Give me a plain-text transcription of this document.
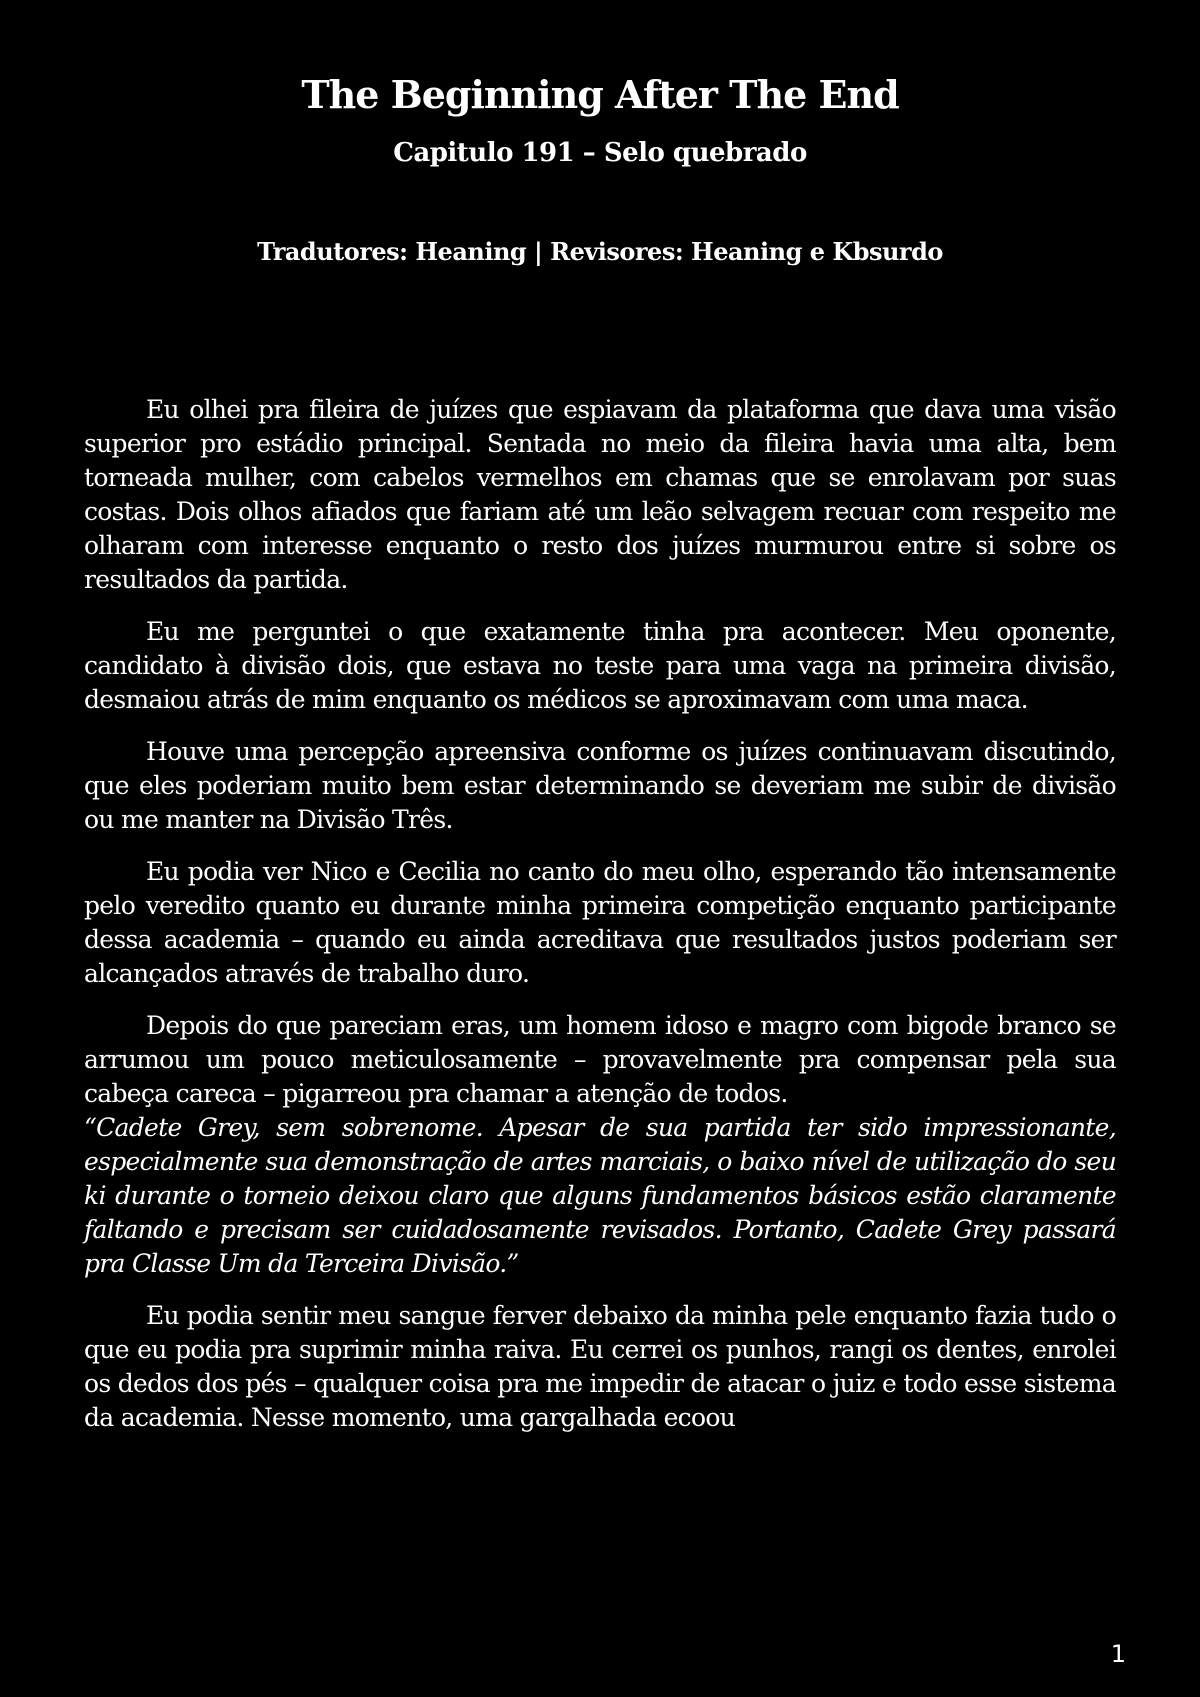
The Beginning After The End
Capitulo 191 – Selo quebrado
Tradutores: Heaning | Revisores: Heaning e Kbsurdo

Eu olhei pra fileira de juízes que espiavam da plataforma que dava uma visão superior pro estádio principal. Sentada no meio da fileira havia uma alta, bem torneada mulher, com cabelos vermelhos em chamas que se enrolavam por suas costas. Dois olhos afiados que fariam até um leão selvagem recuar com respeito me olharam com interesse enquanto o resto dos juízes murmurou entre si sobre os resultados da partida.

Eu me perguntei o que exatamente tinha pra acontecer. Meu oponente, candidato à divisão dois, que estava no teste para uma vaga na primeira divisão, desmaiou atrás de mim enquanto os médicos se aproximavam com uma maca.

Houve uma percepção apreensiva conforme os juízes continuavam discutindo, que eles poderiam muito bem estar determinando se deveriam me subir de divisão ou me manter na Divisão Três.

Eu podia ver Nico e Cecilia no canto do meu olho, esperando tão intensamente pelo veredito quanto eu durante minha primeira competição enquanto participante dessa academia – quando eu ainda acreditava que resultados justos poderiam ser alcançados através de trabalho duro.

Depois do que pareciam eras, um homem idoso e magro com bigode branco se arrumou um pouco meticulosamente – provavelmente pra compensar pela sua cabeça careca – pigarreou pra chamar a atenção de todos.

“Cadete Grey, sem sobrenome. Apesar de sua partida ter sido impressionante, especialmente sua demonstração de artes marciais, o baixo nível de utilização do seu ki durante o torneio deixou claro que alguns fundamentos básicos estão claramente faltando e precisam ser cuidadosamente revisados. Portanto, Cadete Grey passará pra Classe Um da Terceira Divisão.”

Eu podia sentir meu sangue ferver debaixo da minha pele enquanto fazia tudo o que eu podia pra suprimir minha raiva. Eu cerrei os punhos, rangi os dentes, enrolei os dedos dos pés – qualquer coisa pra me impedir de atacar o juiz e todo esse sistema da academia. Nesse momento, uma gargalhada ecoou

1
